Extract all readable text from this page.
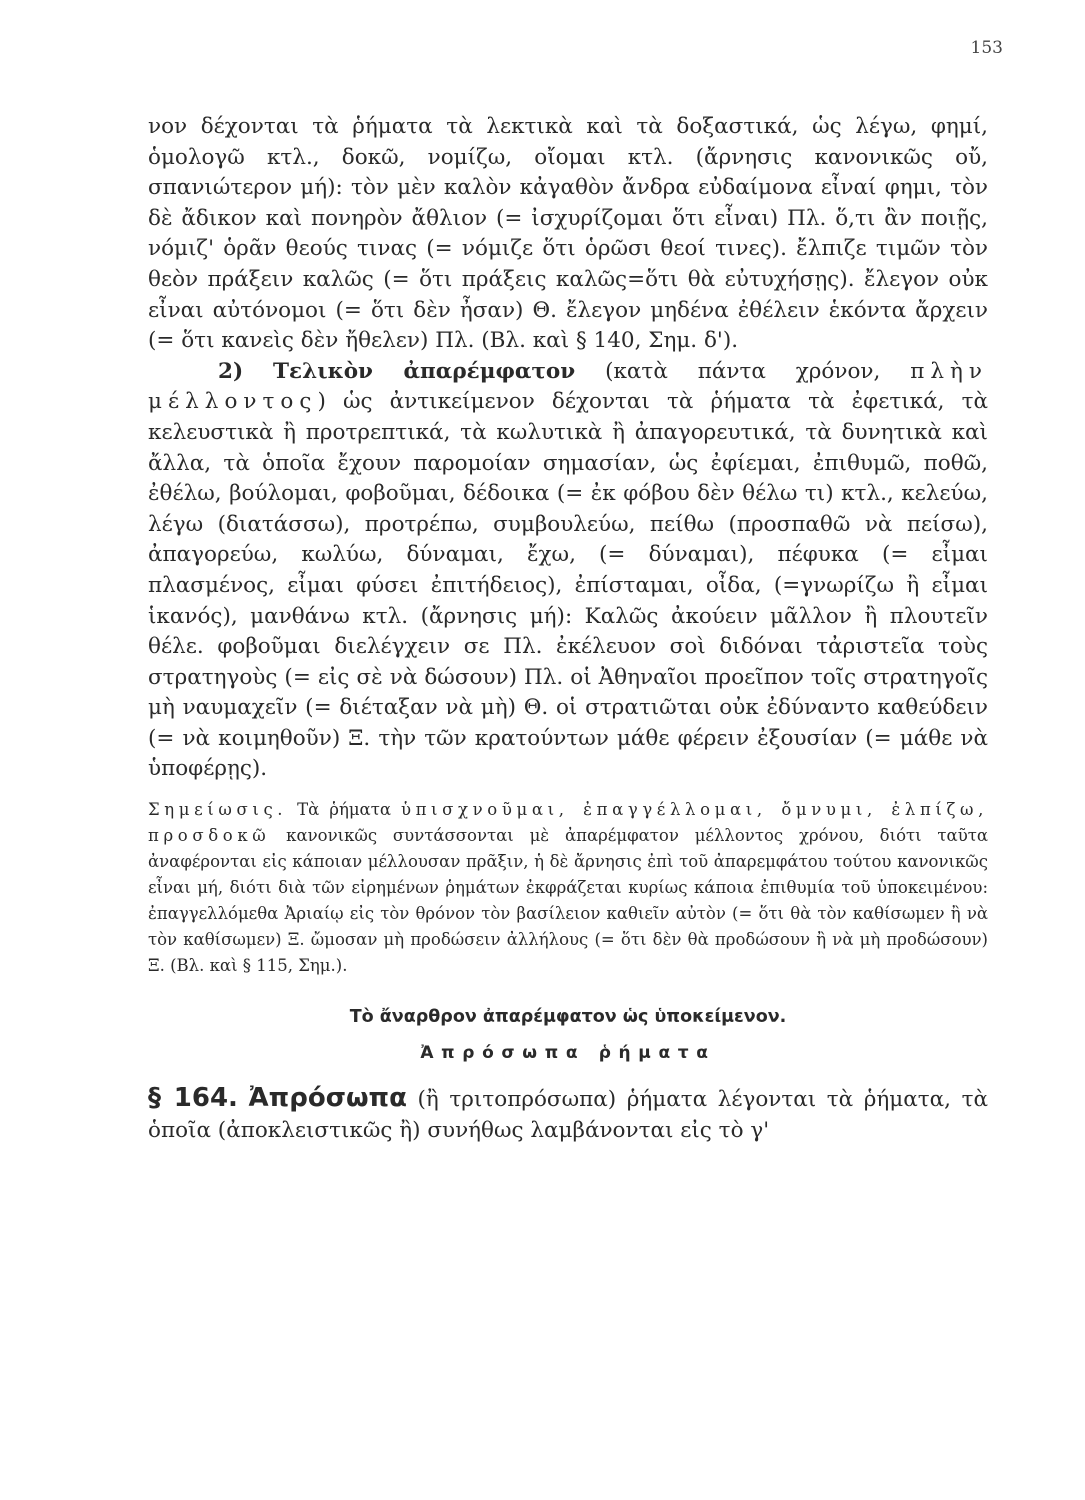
153

νον δέχονται τὰ ῥήματα τὰ λεκτικὰ καὶ τὰ δοξαστικά, ὡς λέγω, φημί, ὁμολογῶ κτλ., δοκῶ, νομίζω, οἴομαι κτλ. (ἄρνησις κανονικῶς οὔ, σπανιώτερον μή): τὸν μὲν καλὸν κἀγαθὸν ἄνδρα εὐδαίμονα εἶναί φημι, τὸν δὲ ἄδικον καὶ πονηρὸν ἄθλιον (= ἰσχυρίζομαι ὅτι εἶναι) Πλ. ὅ,τι ἂν ποιῇς, νόμιζ' ὁρᾶν θεούς τινας (= νόμιζε ὅτι ὁρῶσι θεοί τινες). ἔλπιζε τιμῶν τὸν θεὸν πράξειν καλῶς (= ὅτι πράξεις καλῶς=ὅτι θὰ εὐτυχήσῃς). ἔλεγον οὐκ εἶναι αὐτόνομοι (= ὅτι δὲν ἦσαν) Θ. ἔλεγον μηδένα ἐθέλειν ἑκόντα ἄρχειν (= ὅτι κανεὶς δὲν ἤθελεν) Πλ. (Βλ. καὶ § 140, Σημ. δ').

2) Τελικὸν ἀπαρέμφατον (κατὰ πάντα χρόνον, πλὴν μέλλοντος) ὡς ἀντικείμενον δέχονται τὰ ῥήματα τὰ ἐφετικά, τὰ κελευστικὰ ἢ προτρεπτικά, τὰ κωλυτικὰ ἢ ἀπαγορευτικά, τὰ δυνητικὰ καὶ ἄλλα, τὰ ὁποῖα ἔχουν παρομοίαν σημασίαν, ὡς ἐφίεμαι, ἐπιθυμῶ, ποθῶ, ἐθέλω, βούλομαι, φοβοῦμαι, δέδοικα (= ἐκ φόβου δὲν θέλω τι) κτλ., κελεύω, λέγω (διατάσσω), προτρέπω, συμβουλεύω, πείθω (προσπαθῶ νὰ πείσω), ἀπαγορεύω, κωλύω, δύναμαι, ἔχω, (= δύναμαι), πέφυκα (= εἶμαι πλασμένος, εἶμαι φύσει ἐπιτήδειος), ἐπίσταμαι, οἶδα, (=γνωρίζω ἢ εἶμαι ἱκανός), μανθάνω κτλ. (ἄρνησις μή): Καλῶς ἀκούειν μᾶλλον ἢ πλουτεῖν θέλε. φοβοῦμαι διελέγχειν σε Πλ. ἐκέλευον σοὶ διδόναι τἀριστεῖα τοὺς στρατηγοὺς (= εἰς σὲ νὰ δώσουν) Πλ. οἱ Ἀθηναῖοι προεῖπον τοῖς στρατηγοῖς μὴ ναυμαχεῖν (= διέταξαν νὰ μὴ) Θ. οἱ στρατιῶται οὐκ ἐδύναντο καθεύδειν (= νὰ κοιμηθοῦν) Ξ. τὴν τῶν κρατούντων μάθε φέρειν ἐξουσίαν (= μάθε νὰ ὑποφέρῃς).

Σημείωσις. Τὰ ῥήματα ὑπισχνοῦμαι, ἐπαγγέλλομαι, ὄμνυμι, ἐλπίζω, προσδοκῶ κανονικῶς συντάσσονται μὲ ἀπαρέμφατον μέλλοντος χρόνου, διότι ταῦτα ἀναφέρονται εἰς κάποιαν μέλλουσαν πρᾶξιν, ἡ δὲ ἄρνησις ἐπὶ τοῦ ἀπαρεμφάτου τούτου κανονικῶς εἶναι μή, διότι διὰ τῶν εἰρημένων ῥημάτων ἐκφράζεται κυρίως κάποια ἐπιθυμία τοῦ ὑποκειμένου: ἐπαγγελλόμεθα Ἀριαίῳ εἰς τὸν θρόνον τὸν βασίλειον καθιεῖν αὐτὸν (= ὅτι θὰ τὸν καθίσωμεν ἢ νὰ τὸν καθίσωμεν) Ξ. ὤμοσαν μὴ προδώσειν ἀλλήλους (= ὅτι δὲν θὰ προδώσουν ἢ νὰ μὴ προδώσουν) Ξ. (Βλ. καὶ § 115, Σημ.).

Τὸ ἄναρθρον ἀπαρέμφατον ὡς ὑποκείμενον.
Ἀπρόσωπα ῥήματα

§ 164. Ἀπρόσωπα (ἢ τριτοπρόσωπα) ῥήματα λέγονται τὰ ῥήματα, τὰ ὁποῖα (ἀποκλειστικῶς ἢ) συνήθως λαμβάνονται εἰς τὸ γ'
